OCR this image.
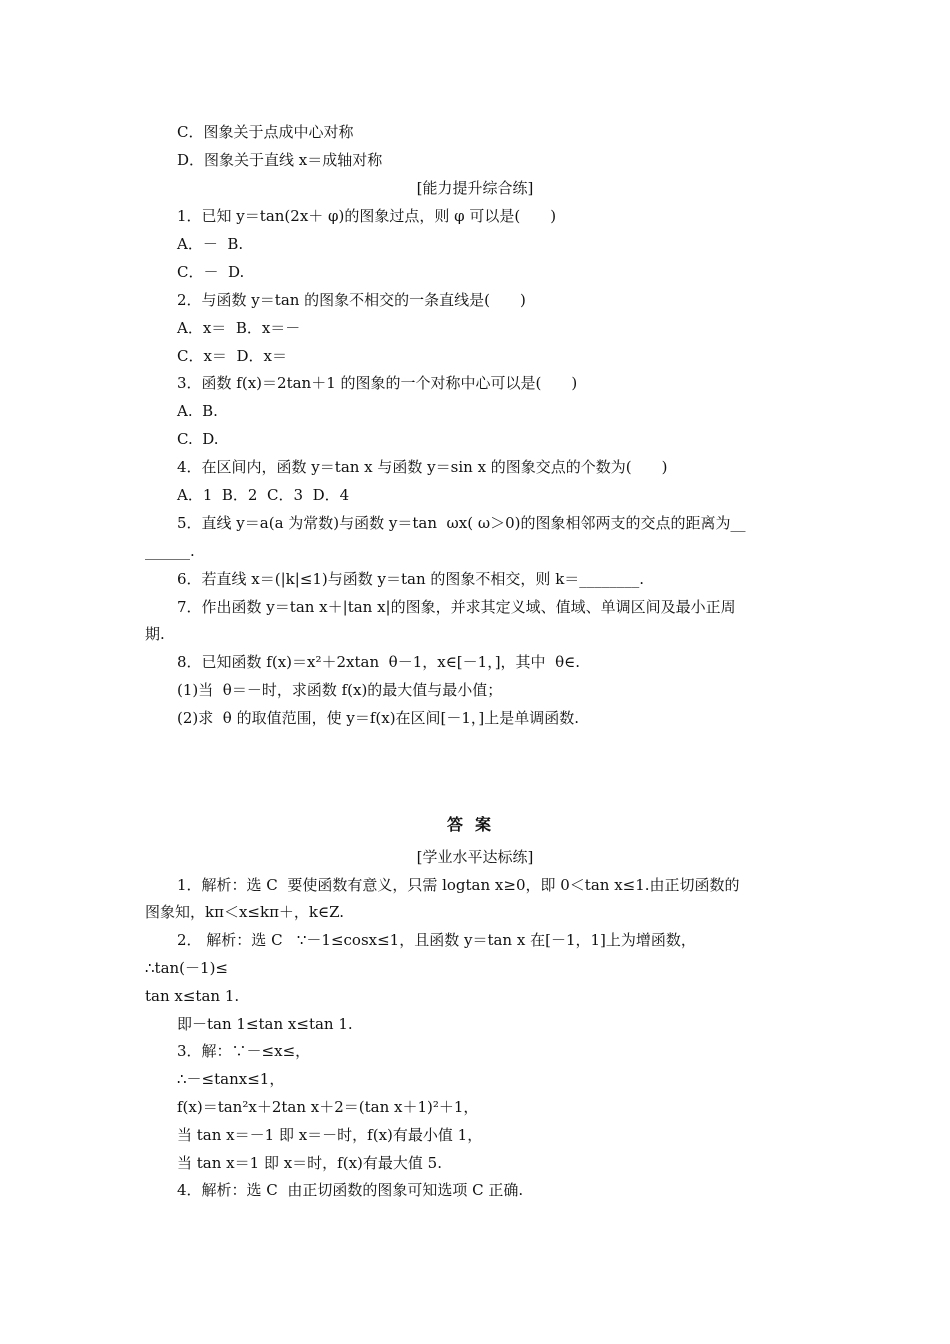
C．图象关于点成中心对称
D．图象关于直线 x＝成轴对称
[能力提升综合练]
1．已知 y＝tan(2x＋ φ)的图象过点，则 φ 可以是(　　)
A．－  B.
C．－  D.
2．与函数 y＝tan 的图象不相交的一条直线是(　　)
A．x＝  B．x＝－
C．x＝  D．x＝
3．函数 f(x)＝2tan＋1 的图象的一个对称中心可以是(　　)
A.  B.
C.  D.
4．在区间内，函数 y＝tan x 与函数 y＝sin x 的图象交点的个数为(　　)
A．1  B．2  C．3  D．4
5．直线 y＝a(a 为常数)与函数 y＝tan  ωx( ω＞0)的图象相邻两支的交点的距离为__
______.
6．若直线 x＝(|k|≤1)与函数 y＝tan 的图象不相交，则 k＝________.
7．作出函数 y＝tan x＋|tan x|的图象，并求其定义域、值域、单调区间及最小正周
期.
8．已知函数 f(x)＝x²＋2xtan  θ－1，x∈[－1，]，其中  θ∈.
(1)当  θ＝－时，求函数 f(x)的最大值与最小值；
(2)求  θ 的取值范围，使 y＝f(x)在区间[－1，]上是单调函数.
答案
[学业水平达标练]
1．解析：选 C  要使函数有意义，只需 logtan x≥0，即 0＜tan x≤1.由正切函数的
图象知，kπ＜x≤kπ＋，k∈Z.
2． 解析：选 C   ∵－1≤cosx≤1，且函数 y＝tan x 在[－1，1]上为增函数，
∴tan(－1)≤
tan x≤tan 1.
即－tan 1≤tan x≤tan 1.
3．解：∵－≤x≤，
∴－≤tanx≤1，
f(x)＝tan²x＋2tan x＋2＝(tan x＋1)²＋1，
当 tan x＝－1 即 x＝－时，f(x)有最小值 1，
当 tan x＝1 即 x＝时，f(x)有最大值 5.
4．解析：选 C  由正切函数的图象可知选项 C 正确.
